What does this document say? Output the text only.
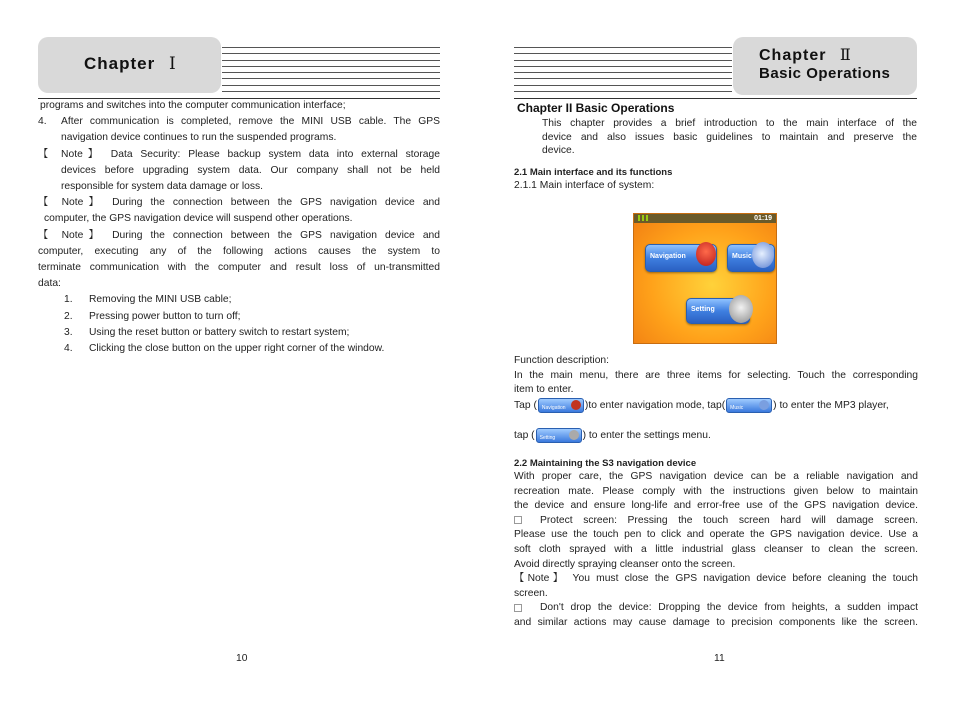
Chapter Ⅰ
programs and switches into the computer communication interface;
4.	After communication is completed, remove the MINI USB cable. The GPS
navigation device continues to run the suspended programs.
【 Note】 Data Security: Please backup system data into external storage
devices before upgrading system data. Our company shall not be held
responsible for system data damage or loss.
【 Note】 During the connection between the GPS navigation device and
computer, the GPS navigation device will suspend other operations.
【 Note】 During the connection between the GPS navigation device and
computer, executing any of the following actions causes the system to
terminate communication with the computer and result loss of un-transmitted
data:
1.	Removing the MINI USB cable;
2.	Pressing power button to turn off;
3.	Using the reset button or battery switch to restart system;
4.	Clicking the close button on the upper right corner of the window.
10
Chapter Ⅱ
Basic Operations
Chapter II Basic Operations
This chapter provides a brief introduction to the main interface of the
device and also issues basic guidelines to maintain and preserve the
device.
2.1 Main interface and its functions
2.1.1 Main interface of system:
01:19
Navigation	Music
Setting
Function description:
In the main menu, there are three items for selecting. Touch the corresponding
item to enter.
Tap ( Navigation )to enter navigation mode, tap( Music	) to enter the MP3 player,
tap ( Setting	) to enter the settings menu.
2.2 Maintaining the S3 navigation device
With proper care, the GPS navigation device can be a reliable navigation and
recreation mate. Please comply with the instructions given below to maintain
the device and ensure long-life and error-free use of the GPS navigation device.
Protect screen: Pressing the touch screen hard will damage screen.
Please use the touch pen to click and operate the GPS navigation device. Use a
soft cloth sprayed with a little industrial glass cleanser to clean the screen.
Avoid directly spraying cleanser onto the screen.
【Note】 You must close the GPS navigation device before cleaning the touch
screen.
Don't drop the device: Dropping the device from heights, a sudden impact
and similar actions may cause damage to precision components like the screen.
11
